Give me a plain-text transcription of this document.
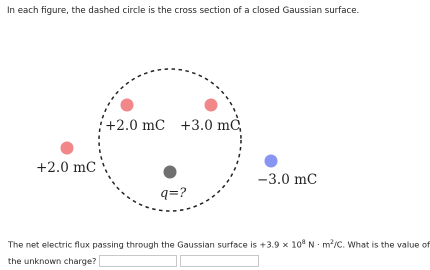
In each figure, the dashed circle is the cross section of a closed Gaussian surface.
+2.0 mC +3.0 mC
+2.0 mC
−3.0 mC
q=?
The net electric flux passing through the Gaussian surface is $+3.9 \times 10^8$ $N \cdot m^2/C$. What is the value of
the unknown charge?
